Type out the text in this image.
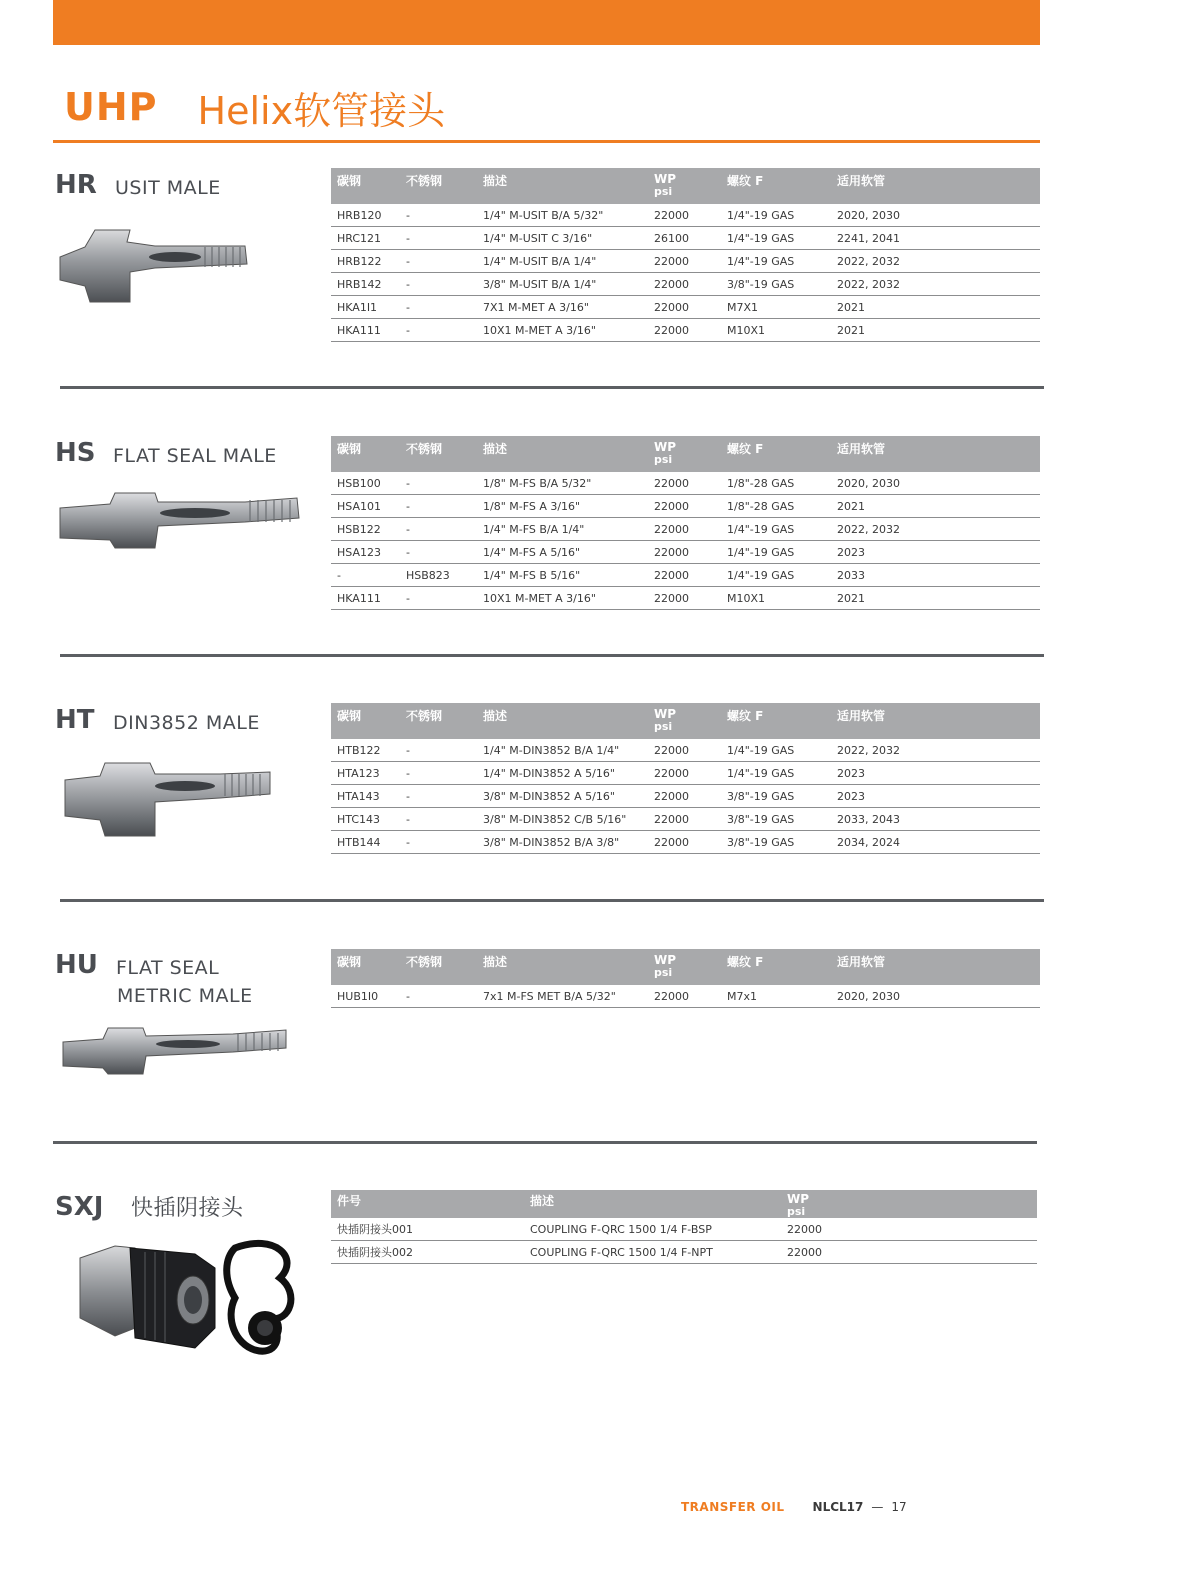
UHP Helix软管接头
HR USIT MALE	碳钢	不锈钢	描述	WP
psi	螺纹 F	适用软管
HRB120	-	1/4" M-USIT B/A 5/32"	22000	1/4"-19 GAS	2020, 2030
HRC121	-	1/4" M-USIT C 3/16"	26100	1/4"-19 GAS	2241, 2041
HRB122	-	1/4" M-USIT B/A 1/4"	22000	1/4"-19 GAS	2022, 2032
HRB142	-	3/8" M-USIT B/A 1/4"	22000	3/8"-19 GAS	2022, 2032
HKA1I1	-	7X1 M-MET A 3/16"	22000	M7X1	2021
HKA111	-	10X1 M-MET A 3/16"	22000	M10X1	2021
HS FLAT SEAL MALE	碳钢	不锈钢	描述	WP
psi	螺纹 F	适用软管
HSB100	-	1/8" M-FS B/A 5/32"	22000	1/8"-28 GAS	2020, 2030
HSA101	-	1/8" M-FS A 3/16"	22000	1/8"-28 GAS	2021
HSB122	-	1/4" M-FS B/A 1/4"	22000	1/4"-19 GAS	2022, 2032
HSA123	-	1/4" M-FS A 5/16"	22000	1/4"-19 GAS	2023
-	HSB823	1/4" M-FS B 5/16"	22000	1/4"-19 GAS	2033
HKA111	-	10X1 M-MET A 3/16"	22000	M10X1	2021
HT DIN3852 MALE	碳钢	不锈钢	描述	WP
psi	螺纹 F	适用软管
HTB122	-	1/4" M-DIN3852 B/A 1/4"	22000	1/4"-19 GAS	2022, 2032
HTA123	-	1/4" M-DIN3852 A 5/16"	22000	1/4"-19 GAS	2023
HTA143	-	3/8" M-DIN3852 A 5/16"	22000	3/8"-19 GAS	2023
HTC143	-	3/8" M-DIN3852 C/B 5/16"	22000	3/8"-19 GAS	2033, 2043
HTB144	-	3/8" M-DIN3852 B/A 3/8"	22000	3/8"-19 GAS	2034, 2024
HU FLAT SEAL
METRIC MALE
碳钢	不锈钢	描述	WP
psi	螺纹 F	适用软管
HUB1I0	-	7x1 M-FS MET B/A 5/32"	22000	M7x1	2020, 2030
SXJ 快插阴接头	件号	描述	WP
psi

快插阴接头001	COUPLING F-QRC 1500 1/4 F-BSP	22000
快插阴接头002	COUPLING F-QRC 1500 1/4 F-NPT	22000
TRANSFER OIL NLCL17 — 17
